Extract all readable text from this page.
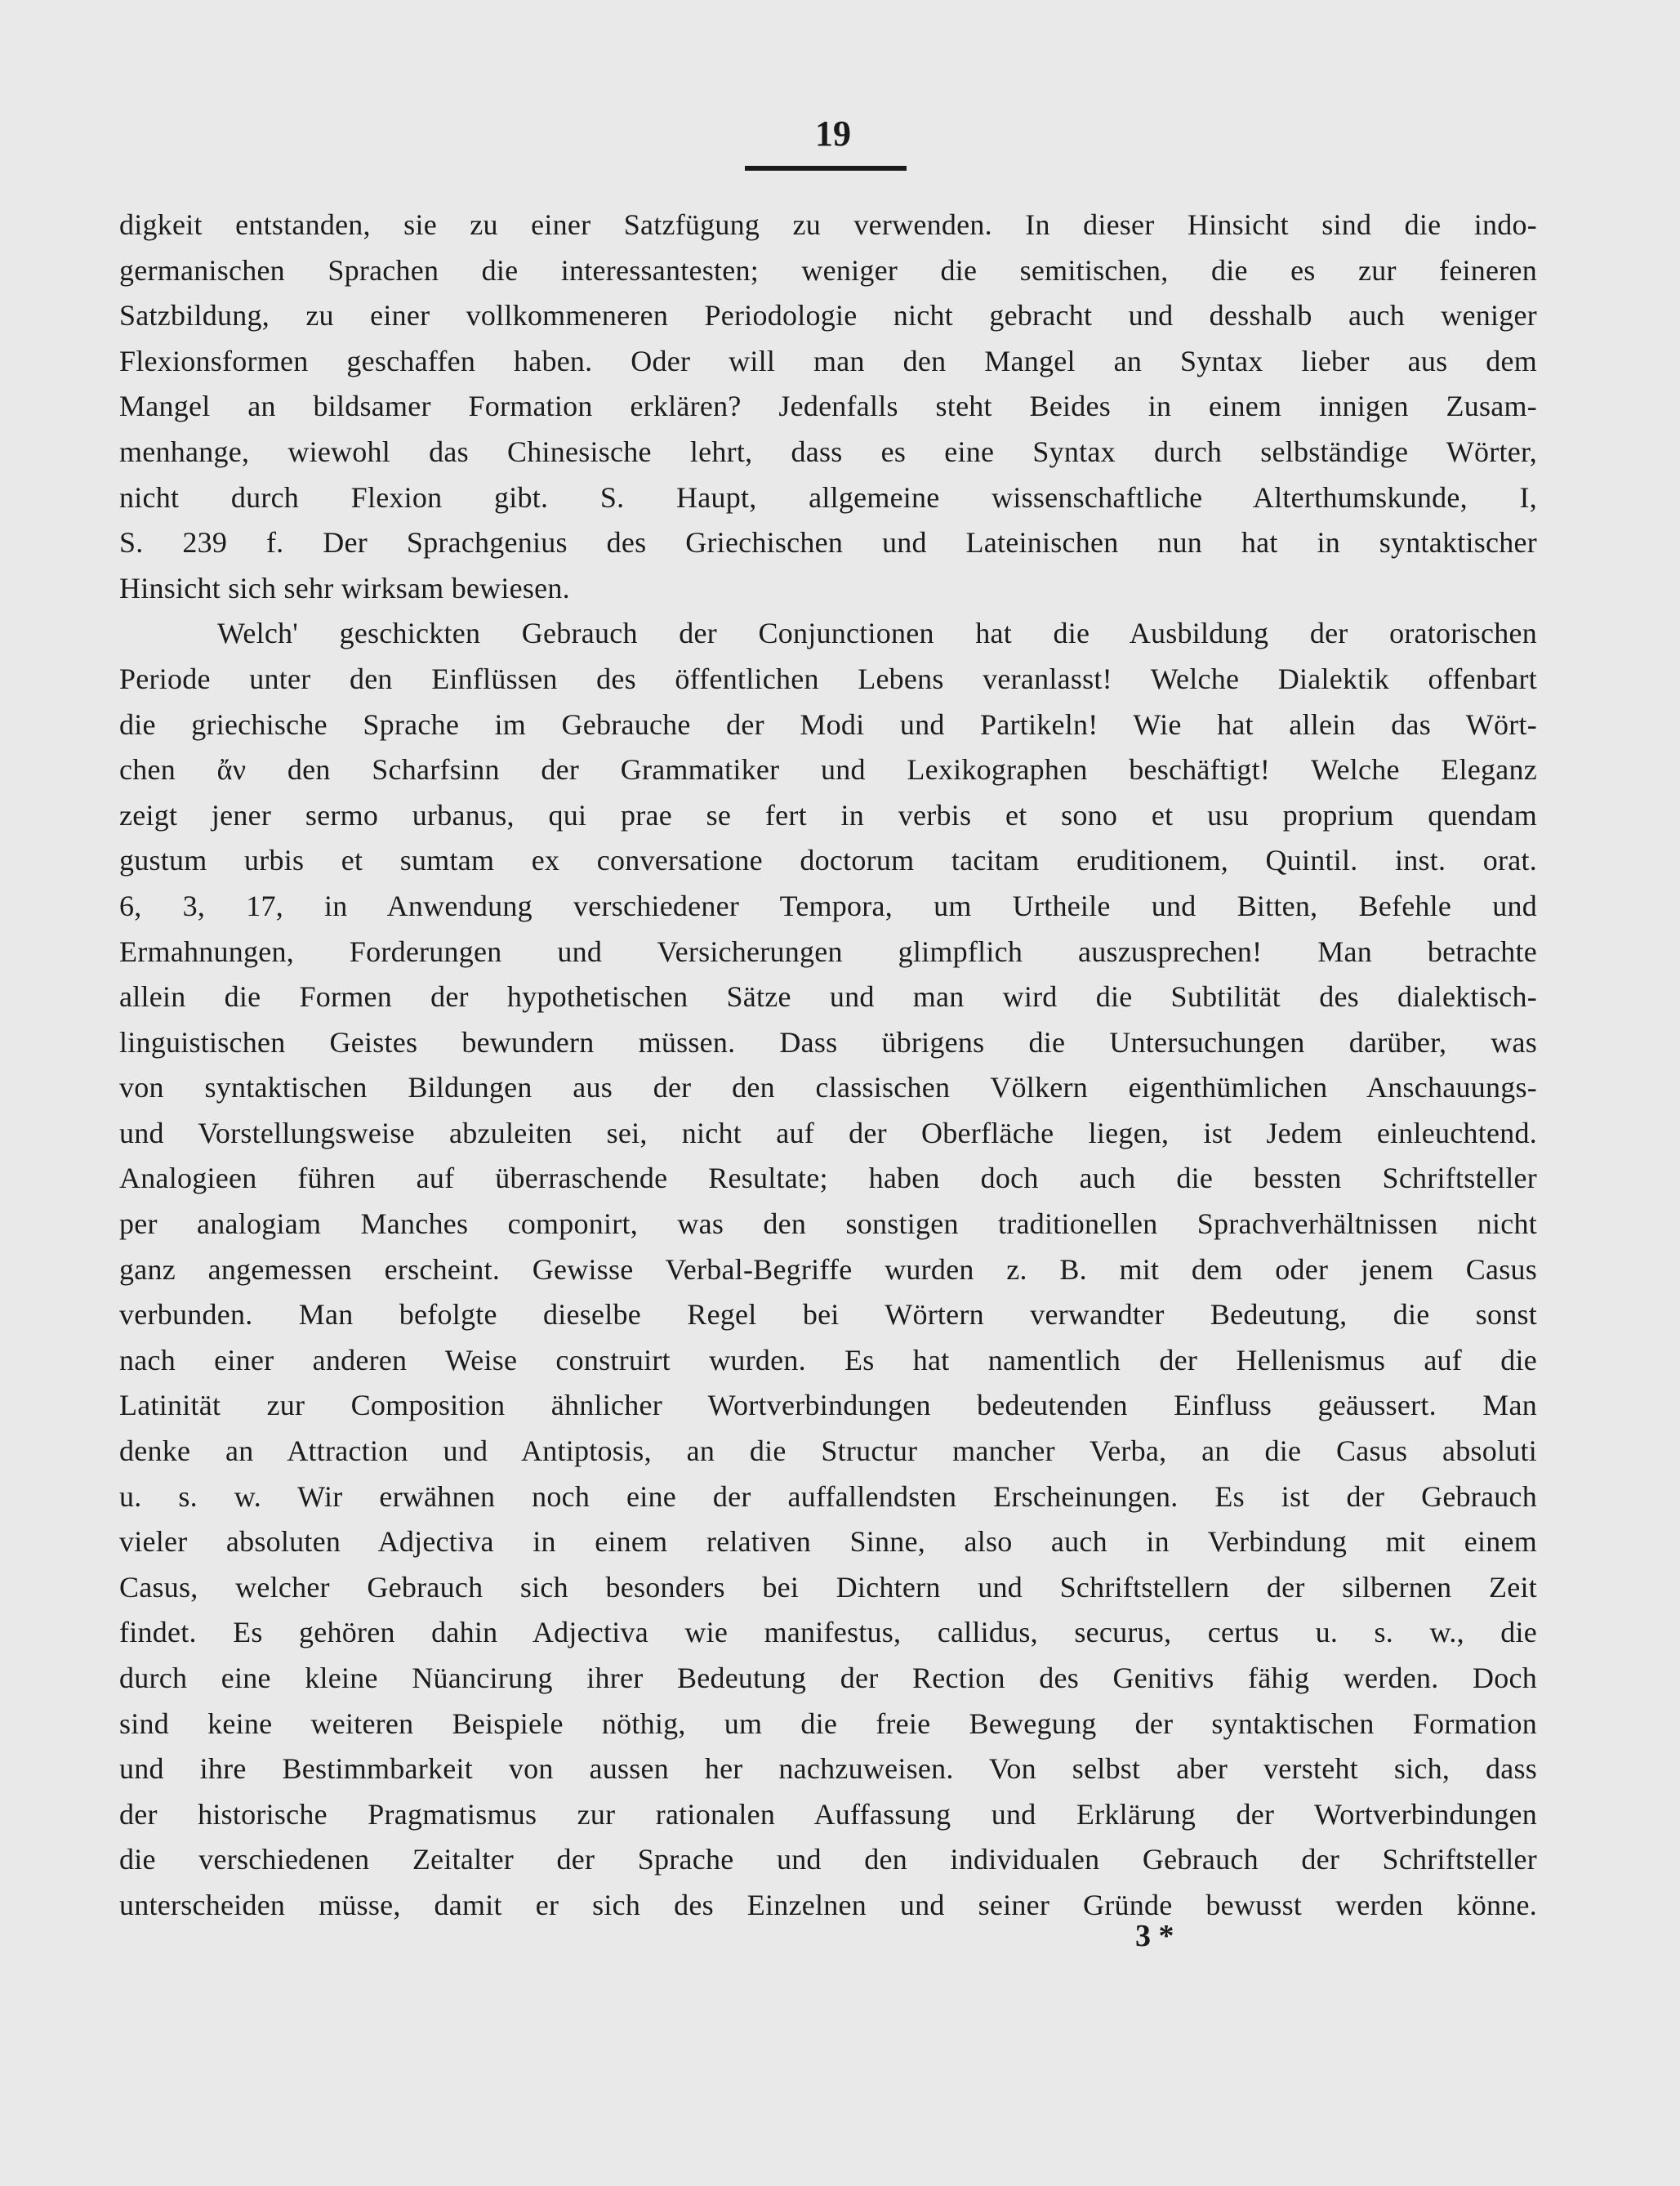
19
digkeit entstanden, sie zu einer Satzfügung zu verwenden. In dieser Hinsicht sind die indo-
germanischen Sprachen die interessantesten; weniger die semitischen, die es zur feineren
Satzbildung, zu einer vollkommeneren Periodologie nicht gebracht und desshalb auch weniger
Flexionsformen geschaffen haben. Oder will man den Mangel an Syntax lieber aus dem
Mangel an bildsamer Formation erklären? Jedenfalls steht Beides in einem innigen Zusam-
menhange, wiewohl das Chinesische lehrt, dass es eine Syntax durch selbständige Wörter,
nicht durch Flexion gibt. S. Haupt, allgemeine wissenschaftliche Alterthumskunde, I,
S. 239 f. Der Sprachgenius des Griechischen und Lateinischen nun hat in syntaktischer
Hinsicht sich sehr wirksam bewiesen.
Welch' geschickten Gebrauch der Conjunctionen hat die Ausbildung der oratorischen
Periode unter den Einflüssen des öffentlichen Lebens veranlasst! Welche Dialektik offenbart
die griechische Sprache im Gebrauche der Modi und Partikeln! Wie hat allein das Wört-
chen ἄν den Scharfsinn der Grammatiker und Lexikographen beschäftigt! Welche Eleganz
zeigt jener sermo urbanus, qui prae se fert in verbis et sono et usu proprium quendam
gustum urbis et sumtam ex conversatione doctorum tacitam eruditionem, Quintil. inst. orat.
6, 3, 17, in Anwendung verschiedener Tempora, um Urtheile und Bitten, Befehle und
Ermahnungen, Forderungen und Versicherungen glimpflich auszusprechen! Man betrachte
allein die Formen der hypothetischen Sätze und man wird die Subtilität des dialektisch-
linguistischen Geistes bewundern müssen. Dass übrigens die Untersuchungen darüber, was
von syntaktischen Bildungen aus der den classischen Völkern eigenthümlichen Anschauungs-
und Vorstellungsweise abzuleiten sei, nicht auf der Oberfläche liegen, ist Jedem einleuchtend.
Analogieen führen auf überraschende Resultate; haben doch auch die bessten Schriftsteller
per analogiam Manches componirt, was den sonstigen traditionellen Sprachverhältnissen nicht
ganz angemessen erscheint. Gewisse Verbal-Begriffe wurden z. B. mit dem oder jenem Casus
verbunden. Man befolgte dieselbe Regel bei Wörtern verwandter Bedeutung, die sonst
nach einer anderen Weise construirt wurden. Es hat namentlich der Hellenismus auf die
Latinität zur Composition ähnlicher Wortverbindungen bedeutenden Einfluss geäussert. Man
denke an Attraction und Antiptosis, an die Structur mancher Verba, an die Casus absoluti
u. s. w. Wir erwähnen noch eine der auffallendsten Erscheinungen. Es ist der Gebrauch
vieler absoluten Adjectiva in einem relativen Sinne, also auch in Verbindung mit einem
Casus, welcher Gebrauch sich besonders bei Dichtern und Schriftstellern der silbernen Zeit
findet. Es gehören dahin Adjectiva wie manifestus, callidus, securus, certus u. s. w., die
durch eine kleine Nüancirung ihrer Bedeutung der Rection des Genitivs fähig werden. Doch
sind keine weiteren Beispiele nöthig, um die freie Bewegung der syntaktischen Formation
und ihre Bestimmbarkeit von aussen her nachzuweisen. Von selbst aber versteht sich, dass
der historische Pragmatismus zur rationalen Auffassung und Erklärung der Wortverbindungen
die verschiedenen Zeitalter der Sprache und den individualen Gebrauch der Schriftsteller
unterscheiden müsse, damit er sich des Einzelnen und seiner Gründe bewusst werden könne.
3 *
